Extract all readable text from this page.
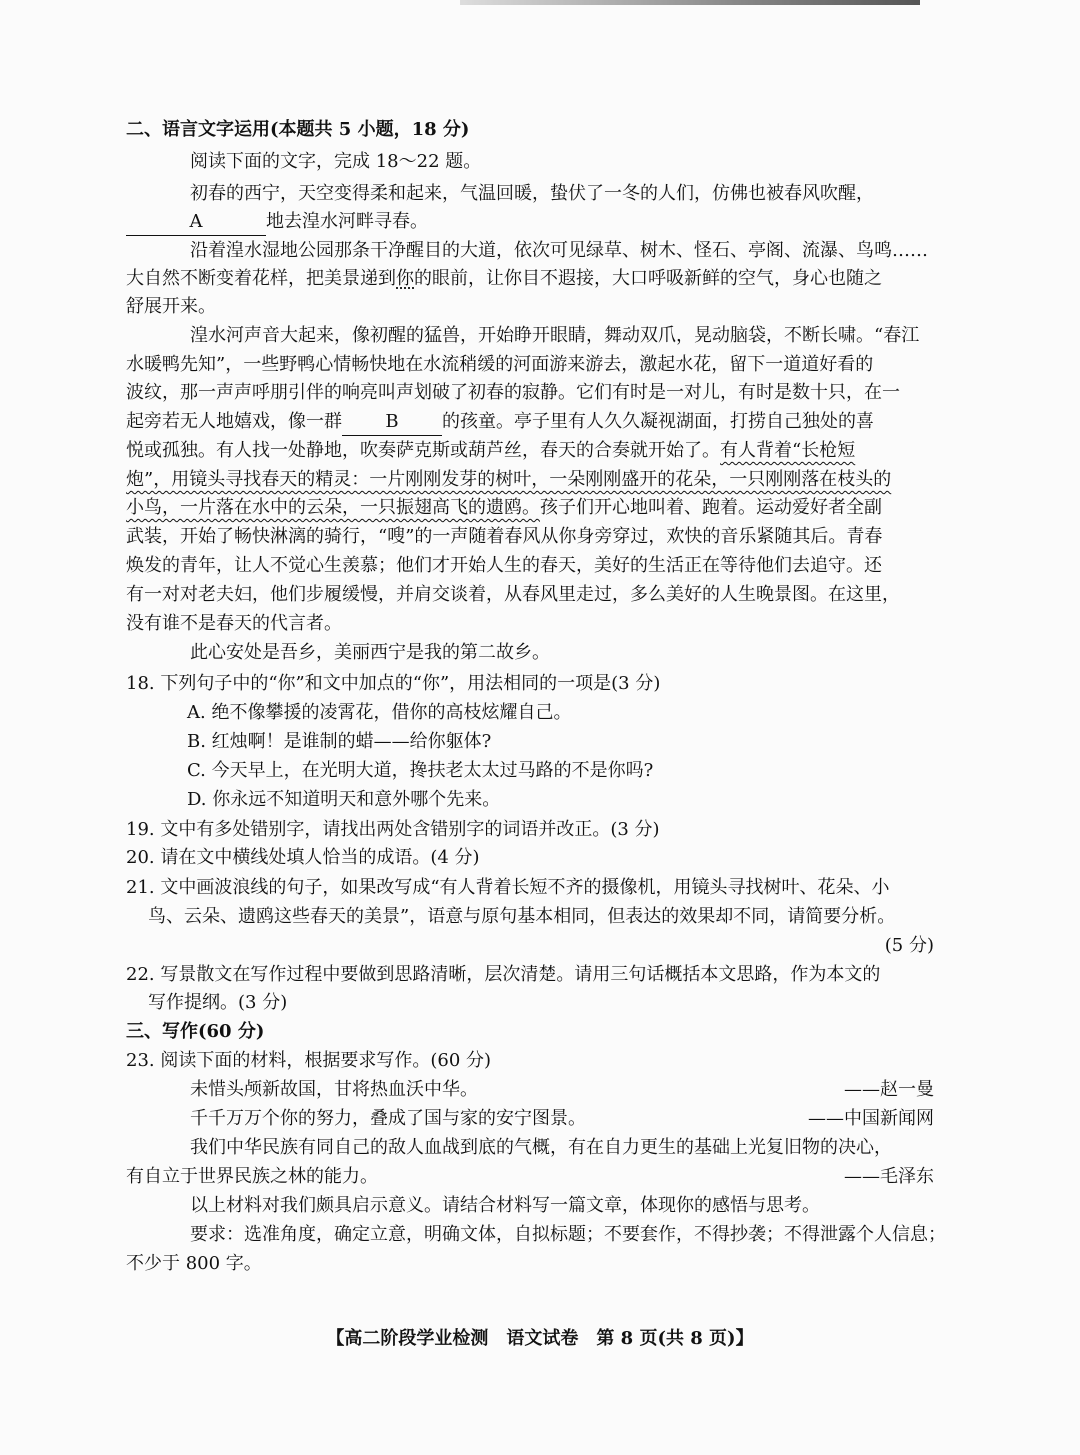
二、语言文字运用(本题共 5 小题，18 分)
阅读下面的文字，完成 18～22 题。
初春的西宁，天空变得柔和起来，气温回暖，蛰伏了一冬的人们，仿佛也被春风吹醒，
A	地去湟水河畔寻春。
沿着湟水湿地公园那条干净醒目的大道，依次可见绿草、树木、怪石、亭阁、流瀑、鸟鸣……
大自然不断变着花样，把美景递到你的眼前，让你目不遐接，大口呼吸新鲜的空气，身心也随之
舒展开来。
湟水河声音大起来，像初醒的猛兽，开始睁开眼睛，舞动双爪，晃动脑袋，不断长啸。“春江
水暖鸭先知”，一些野鸭心情畅快地在水流稍缓的河面游来游去，激起水花，留下一道道好看的
波纹，那一声声呼朋引伴的响亮叫声划破了初春的寂静。它们有时是一对儿，有时是数十只，在一
起旁若无人地嬉戏，像一群 B 的孩童。亭子里有人久久凝视湖面，打捞自己独处的喜
悦或孤独。有人找一处静地，吹奏萨克斯或葫芦丝，春天的合奏就开始了。有人背着“长枪短
炮”，用镜头寻找春天的精灵：一片刚刚发芽的树叶，一朵刚刚盛开的花朵，一只刚刚落在枝头的
小鸟，一片落在水中的云朵，一只振翅高飞的遗鸥。孩子们开心地叫着、跑着。运动爱好者全副
武装，开始了畅快淋漓的骑行，“嗖”的一声随着春风从你身旁穿过，欢快的音乐紧随其后。青春
焕发的青年，让人不觉心生羡慕；他们才开始人生的春天，美好的生活正在等待他们去追守。还
有一对对老夫妇，他们步履缓慢，并肩交谈着，从春风里走过，多么美好的人生晚景图。在这里，
没有谁不是春天的代言者。
此心安处是吾乡，美丽西宁是我的第二故乡。
18. 下列句子中的“你”和文中加点的“你”，用法相同的一项是(3 分)
A. 绝不像攀援的凌霄花，借你的高枝炫耀自己。
B. 红烛啊！是谁制的蜡——给你躯体?
C. 今天早上，在光明大道，搀扶老太太过马路的不是你吗?
D. 你永远不知道明天和意外哪个先来。
19. 文中有多处错别字，请找出两处含错别字的词语并改正。(3 分)
20. 请在文中横线处填人恰当的成语。(4 分)
21. 文中画波浪线的句子，如果改写成“有人背着长短不齐的摄像机，用镜头寻找树叶、花朵、小
鸟、云朵、遗鸥这些春天的美景”，语意与原句基本相同，但表达的效果却不同，请简要分析。
(5 分)
22. 写景散文在写作过程中要做到思路清晰，层次清楚。请用三句话概括本文思路，作为本文的
写作提纲。(3 分)
三、写作(60 分)
23. 阅读下面的材料，根据要求写作。(60 分)
未惜头颅新故国，甘将热血沃中华。	——赵一曼
千千万万个你的努力，叠成了国与家的安宁图景。	——中国新闻网
我们中华民族有同自己的敌人血战到底的气概，有在自力更生的基础上光复旧物的决心，
有自立于世界民族之林的能力。	——毛泽东
以上材料对我们颇具启示意义。请结合材料写一篇文章，体现你的感悟与思考。
要求：选准角度，确定立意，明确文体，自拟标题；不要套作，不得抄袭；不得泄露个人信息；
不少于 800 字。
【高二阶段学业检测　语文试卷　第 8 页(共 8 页)】
